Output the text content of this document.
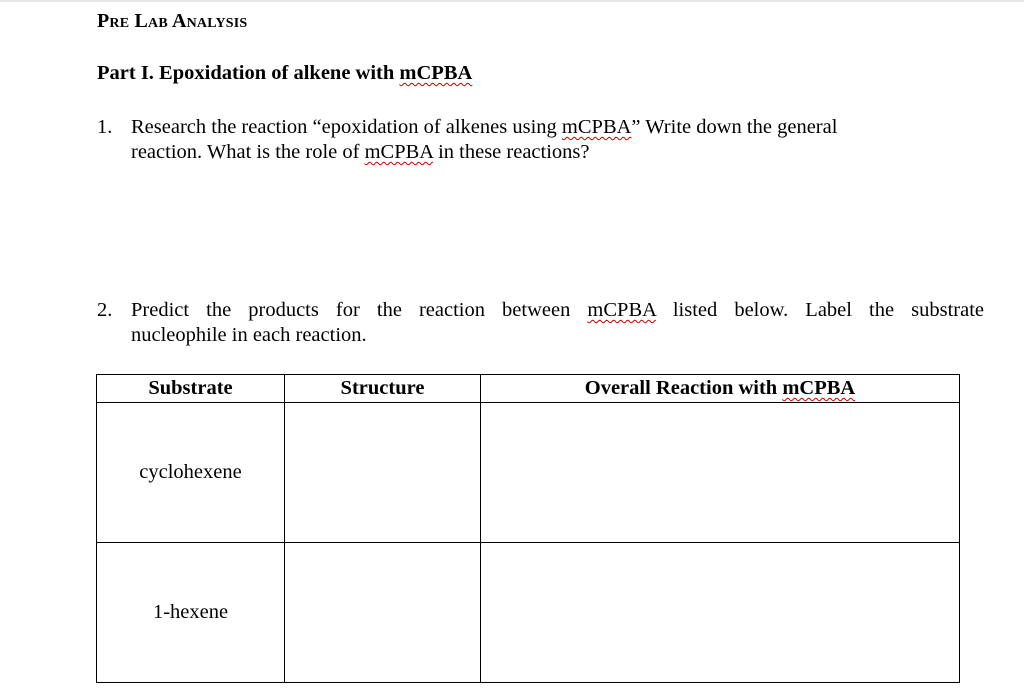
Pre Lab Analysis
Part I. Epoxidation of alkene with mCPBA
1. Research the reaction “epoxidation of alkenes using mCPBA” Write down the general
reaction. What is the role of mCPBA in these reactions?
2. Predict the products for the reaction between mCPBA listed below. Label the substrate
nucleophile in each reaction.
Substrate	Structure	Overall Reaction with mCPBA
cyclohexene		
1-hexene		
